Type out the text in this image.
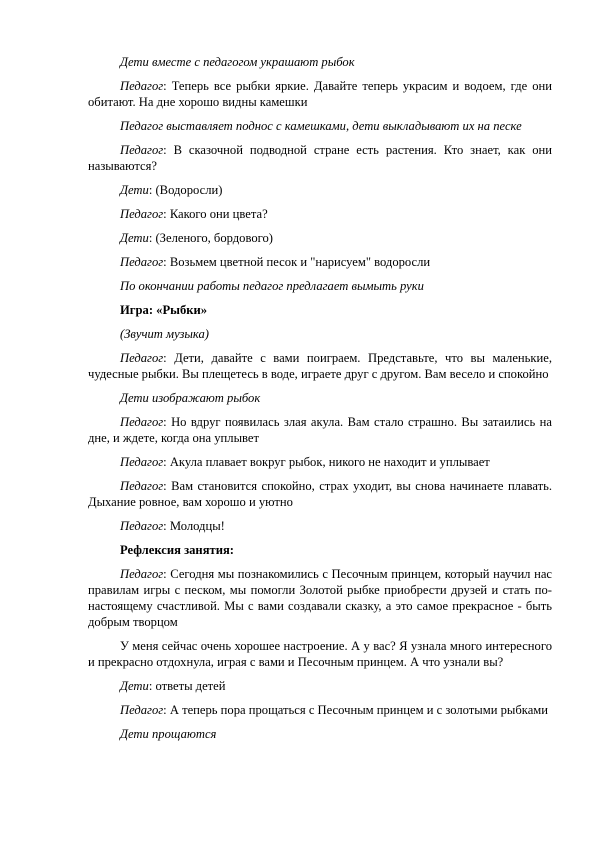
Дети вместе с педагогом украшают рыбок

Педагог: Теперь все рыбки яркие. Давайте теперь украсим и водоем, где они обитают. На дне хорошо видны камешки

Педагог выставляет поднос с камешками, дети выкладывают их на песке

Педагог: В сказочной подводной стране есть растения. Кто знает, как они называются?

Дети: (Водоросли)

Педагог: Какого они цвета?

Дети: (Зеленого, бордового)

Педагог: Возьмем цветной песок и "нарисуем" водоросли

По окончании работы педагог предлагает вымыть руки

Игра: «Рыбки»

(Звучит музыка)

Педагог: Дети, давайте с вами поиграем. Представьте, что вы маленькие, чудесные рыбки. Вы плещетесь в воде, играете друг с другом. Вам весело и спокойно

Дети изображают рыбок

Педагог: Но вдруг появилась злая акула. Вам стало страшно. Вы затаились на дне, и ждете, когда она уплывет

Педагог: Акула плавает вокруг рыбок, никого не находит и уплывает

Педагог: Вам становится спокойно, страх уходит, вы снова начинаете плавать. Дыхание ровное, вам хорошо и уютно

Педагог: Молодцы!

Рефлексия занятия:

Педагог: Сегодня мы познакомились с Песочным принцем, который научил нас правилам игры с песком, мы помогли Золотой рыбке приобрести друзей и стать по-настоящему счастливой. Мы с вами создавали сказку, а это самое прекрасное - быть добрым творцом

У меня сейчас очень хорошее настроение. А у вас? Я узнала много интересного и прекрасно отдохнула, играя с вами и Песочным принцем. А что узнали вы?

Дети: ответы детей

Педагог: А теперь пора прощаться с Песочным принцем и с золотыми рыбками

Дети прощаются
